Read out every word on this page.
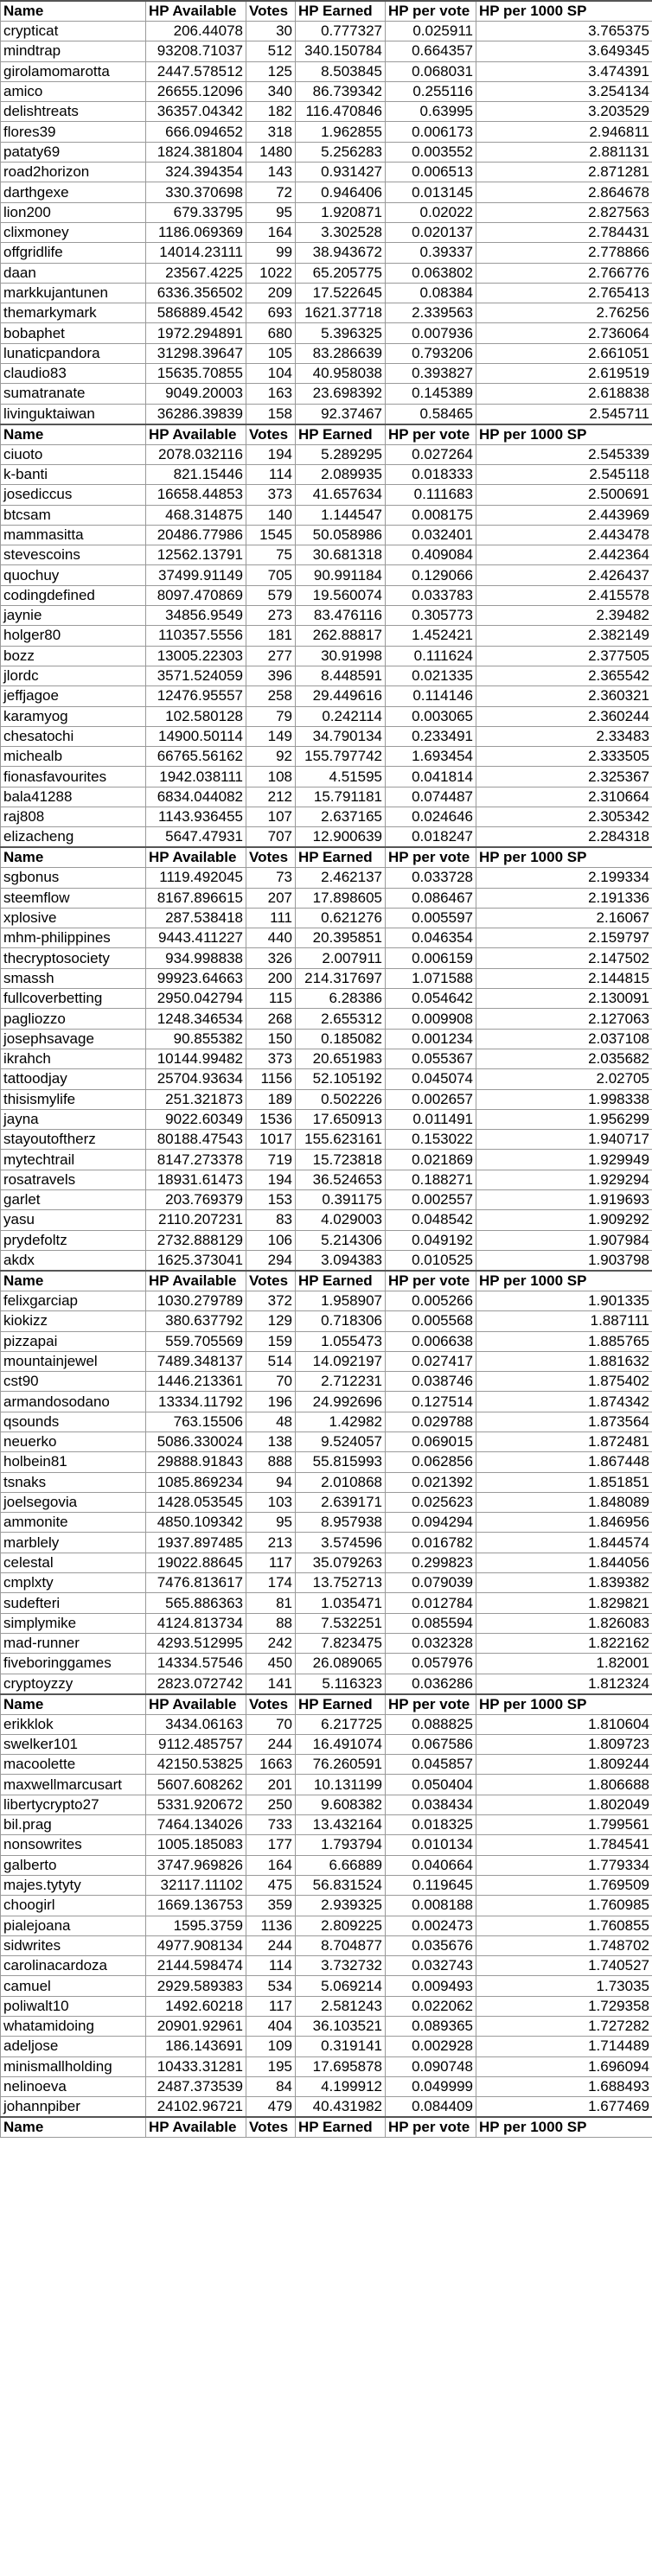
Name	HP Available	Votes	HP Earned	HP per vote	HP per 1000 SP
crypticat	206.44078	30	0.777327	0.025911	3.765375
mindtrap	93208.71037	512	340.150784	0.664357	3.649345
girolamomarotta	2447.578512	125	8.503845	0.068031	3.474391
amico	26655.12096	340	86.739342	0.255116	3.254134
delishtreats	36357.04342	182	116.470846	0.63995	3.203529
flores39	666.094652	318	1.962855	0.006173	2.946811
pataty69	1824.381804	1480	5.256283	0.003552	2.881131
road2horizon	324.394354	143	0.931427	0.006513	2.871281
darthgexe	330.370698	72	0.946406	0.013145	2.864678
lion200	679.33795	95	1.920871	0.02022	2.827563
clixmoney	1186.069369	164	3.302528	0.020137	2.784431
offgridlife	14014.23111	99	38.943672	0.39337	2.778866
daan	23567.4225	1022	65.205775	0.063802	2.766776
markkujantunen	6336.356502	209	17.522645	0.08384	2.765413
themarkymark	586889.4542	693	1621.37718	2.339563	2.76256
bobaphet	1972.294891	680	5.396325	0.007936	2.736064
lunaticpandora	31298.39647	105	83.286639	0.793206	2.661051
claudio83	15635.70855	104	40.958038	0.393827	2.619519
sumatranate	9049.20003	163	23.698392	0.145389	2.618838
livinguktaiwan	36286.39839	158	92.37467	0.58465	2.545711
Name	HP Available	Votes	HP Earned	HP per vote	HP per 1000 SP
ciuoto	2078.032116	194	5.289295	0.027264	2.545339
k-banti	821.15446	114	2.089935	0.018333	2.545118
josediccus	16658.44853	373	41.657634	0.111683	2.500691
btcsam	468.314875	140	1.144547	0.008175	2.443969
mammasitta	20486.77986	1545	50.058986	0.032401	2.443478
stevescoins	12562.13791	75	30.681318	0.409084	2.442364
quochuy	37499.91149	705	90.991184	0.129066	2.426437
codingdefined	8097.470869	579	19.560074	0.033783	2.415578
jaynie	34856.9549	273	83.476116	0.305773	2.39482
holger80	110357.5556	181	262.88817	1.452421	2.382149
bozz	13005.22303	277	30.91998	0.111624	2.377505
jlordc	3571.524059	396	8.448591	0.021335	2.365542
jeffjagoe	12476.95557	258	29.449616	0.114146	2.360321
karamyog	102.580128	79	0.242114	0.003065	2.360244
chesatochi	14900.50114	149	34.790134	0.233491	2.33483
michealb	66765.56162	92	155.797742	1.693454	2.333505
fionasfavourites	1942.038111	108	4.51595	0.041814	2.325367
bala41288	6834.044082	212	15.791181	0.074487	2.310664
raj808	1143.936455	107	2.637165	0.024646	2.305342
elizacheng	5647.47931	707	12.900639	0.018247	2.284318
Name	HP Available	Votes	HP Earned	HP per vote	HP per 1000 SP
sgbonus	1119.492045	73	2.462137	0.033728	2.199334
steemflow	8167.896615	207	17.898605	0.086467	2.191336
xplosive	287.538418	111	0.621276	0.005597	2.16067
mhm-philippines	9443.411227	440	20.395851	0.046354	2.159797
thecryptosociety	934.998838	326	2.007911	0.006159	2.147502
smassh	99923.64663	200	214.317697	1.071588	2.144815
fullcoverbetting	2950.042794	115	6.28386	0.054642	2.130091
pagliozzo	1248.346534	268	2.655312	0.009908	2.127063
josephsavage	90.855382	150	0.185082	0.001234	2.037108
ikrahch	10144.99482	373	20.651983	0.055367	2.035682
tattoodjay	25704.93634	1156	52.105192	0.045074	2.02705
thisismylife	251.321873	189	0.502226	0.002657	1.998338
jayna	9022.60349	1536	17.650913	0.011491	1.956299
stayoutoftherz	80188.47543	1017	155.623161	0.153022	1.940717
mytechtrail	8147.273378	719	15.723818	0.021869	1.929949
rosatravels	18931.61473	194	36.524653	0.188271	1.929294
garlet	203.769379	153	0.391175	0.002557	1.919693
yasu	2110.207231	83	4.029003	0.048542	1.909292
prydefoltz	2732.888129	106	5.214306	0.049192	1.907984
akdx	1625.373041	294	3.094383	0.010525	1.903798
Name	HP Available	Votes	HP Earned	HP per vote	HP per 1000 SP
felixgarciap	1030.279789	372	1.958907	0.005266	1.901335
kiokizz	380.637792	129	0.718306	0.005568	1.887111
pizzapai	559.705569	159	1.055473	0.006638	1.885765
mountainjewel	7489.348137	514	14.092197	0.027417	1.881632
cst90	1446.213361	70	2.712231	0.038746	1.875402
armandosodano	13334.11792	196	24.992696	0.127514	1.874342
qsounds	763.15506	48	1.42982	0.029788	1.873564
neuerko	5086.330024	138	9.524057	0.069015	1.872481
holbein81	29888.91843	888	55.815993	0.062856	1.867448
tsnaks	1085.869234	94	2.010868	0.021392	1.851851
joelsegovia	1428.053545	103	2.639171	0.025623	1.848089
ammonite	4850.109342	95	8.957938	0.094294	1.846956
marblely	1937.897485	213	3.574596	0.016782	1.844574
celestal	19022.88645	117	35.079263	0.299823	1.844056
cmplxty	7476.813617	174	13.752713	0.079039	1.839382
sudefteri	565.886363	81	1.035471	0.012784	1.829821
simplymike	4124.813734	88	7.532251	0.085594	1.826083
mad-runner	4293.512995	242	7.823475	0.032328	1.822162
fiveboringgames	14334.57546	450	26.089065	0.057976	1.82001
cryptoyzzy	2823.072742	141	5.116323	0.036286	1.812324
Name	HP Available	Votes	HP Earned	HP per vote	HP per 1000 SP
erikklok	3434.06163	70	6.217725	0.088825	1.810604
swelker101	9112.485757	244	16.491074	0.067586	1.809723
macoolette	42150.53825	1663	76.260591	0.045857	1.809244
maxwellmarcusart	5607.608262	201	10.131199	0.050404	1.806688
libertycrypto27	5331.920672	250	9.608382	0.038434	1.802049
bil.prag	7464.134026	733	13.432164	0.018325	1.799561
nonsowrites	1005.185083	177	1.793794	0.010134	1.784541
galberto	3747.969826	164	6.66889	0.040664	1.779334
majes.tytyty	32117.11102	475	56.831524	0.119645	1.769509
choogirl	1669.136753	359	2.939325	0.008188	1.760985
pialejoana	1595.3759	1136	2.809225	0.002473	1.760855
sidwrites	4977.908134	244	8.704877	0.035676	1.748702
carolinacardoza	2144.598474	114	3.732732	0.032743	1.740527
camuel	2929.589383	534	5.069214	0.009493	1.73035
poliwalt10	1492.60218	117	2.581243	0.022062	1.729358
whatamidoing	20901.92961	404	36.103521	0.089365	1.727282
adeljose	186.143691	109	0.319141	0.002928	1.714489
minismallholding	10433.31281	195	17.695878	0.090748	1.696094
nelinoeva	2487.373539	84	4.199912	0.049999	1.688493
johannpiber	24102.96721	479	40.431982	0.084409	1.677469
Name	HP Available	Votes	HP Earned	HP per vote	HP per 1000 SP
